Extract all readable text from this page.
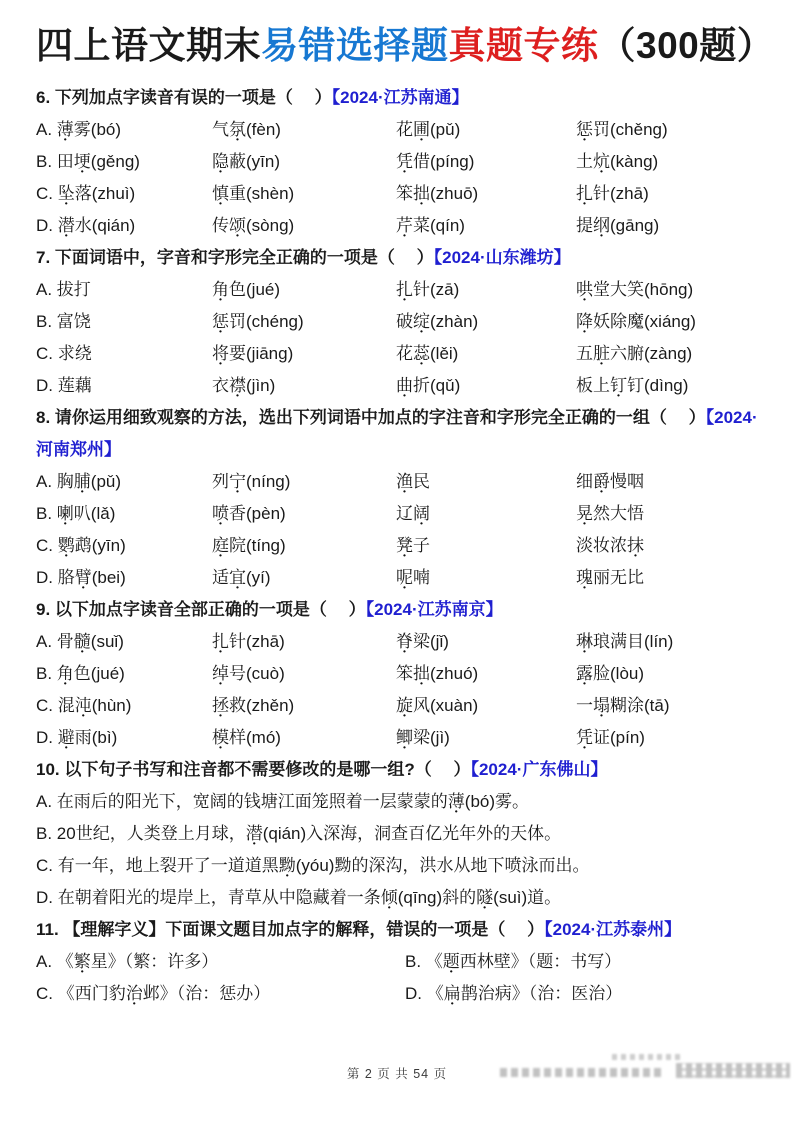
四上语文期末易错选择题真题专练（300题）
6. 下列加点字读音有误的一项是（　 ）【2024·江苏南通】
A. 薄雾(bó)	气氛(fèn)	花圃(pǔ)	惩罚(chěng)
B. 田埂(gěng)	隐蔽(yīn)	凭借(píng)	土炕(kàng)
C. 坠落(zhuì)	慎重(shèn)	笨拙(zhuō)	扎针(zhā)
D. 潜水(qián)	传颂(sòng)	芹菜(qín)	提纲(gāng)
7. 下面词语中，字音和字形完全正确的一项是（　 ）【2024·山东潍坊】
A. 拔打	角色(jué)	扎针(zā)	哄堂大笑(hōng)
B. 富饶	惩罚(chéng)	破绽(zhàn)	降妖除魔(xiáng)
C. 求绕	将要(jiāng)	花蕊(lěi)	五脏六腑(zàng)
D. 莲藕	衣襟(jìn)	曲折(qǔ)	板上钉钉(dìng)
8. 请你运用细致观察的方法，选出下列词语中加点的字注音和字形完全正确的一组（　 ）【2024·河南郑州】
A. 胸脯(pǔ)	列宁(níng)	渔民	细爵慢咽
B. 喇叭(lǎ)	喷香(pèn)	辽阔	晃然大悟
C. 鹦鹉(yīn)	庭院(tíng)	凳子	淡妆浓抹
D. 胳臂(bei)	适宜(yí)	呢喃	瑰丽无比
9. 以下加点字读音全部正确的一项是（　 ）【2024·江苏南京】
A. 骨髓(suǐ)	扎针(zhā)	脊梁(jǐ)	琳琅满目(lín)
B. 角色(jué)	绰号(cuò)	笨拙(zhuó)	露脸(lòu)
C. 混沌(hùn)	拯救(zhěn)	旋风(xuàn)	一塌糊涂(tā)
D. 避雨(bì)	模样(mó)	鲫梁(jì)	凭证(pín)
10. 以下句子书写和注音都不需要修改的是哪一组?（　 ）【2024·广东佛山】
A. 在雨后的阳光下，宽阔的钱塘江面笼照着一层蒙蒙的薄(bó)雾。
B. 20世纪，人类登上月球，潜(qián)入深海，洞查百亿光年外的天体。
C. 有一年，地上裂开了一道道黑黝(yóu)黝的深沟，洪水从地下喷泳而出。
D. 在朝着阳光的堤岸上，青草从中隐藏着一条倾(qīng)斜的隧(suì)道。
11. 【理解字义】下面课文题目加点字的解释，错误的一项是（　 ）【2024·江苏泰州】
A. 《繁星》（繁：许多）	B. 《题西林壁》（题：书写）
C. 《西门豹治邺》（治：惩办）	D. 《扁鹊治病》（治：医治）
第 2 页 共 54 页
